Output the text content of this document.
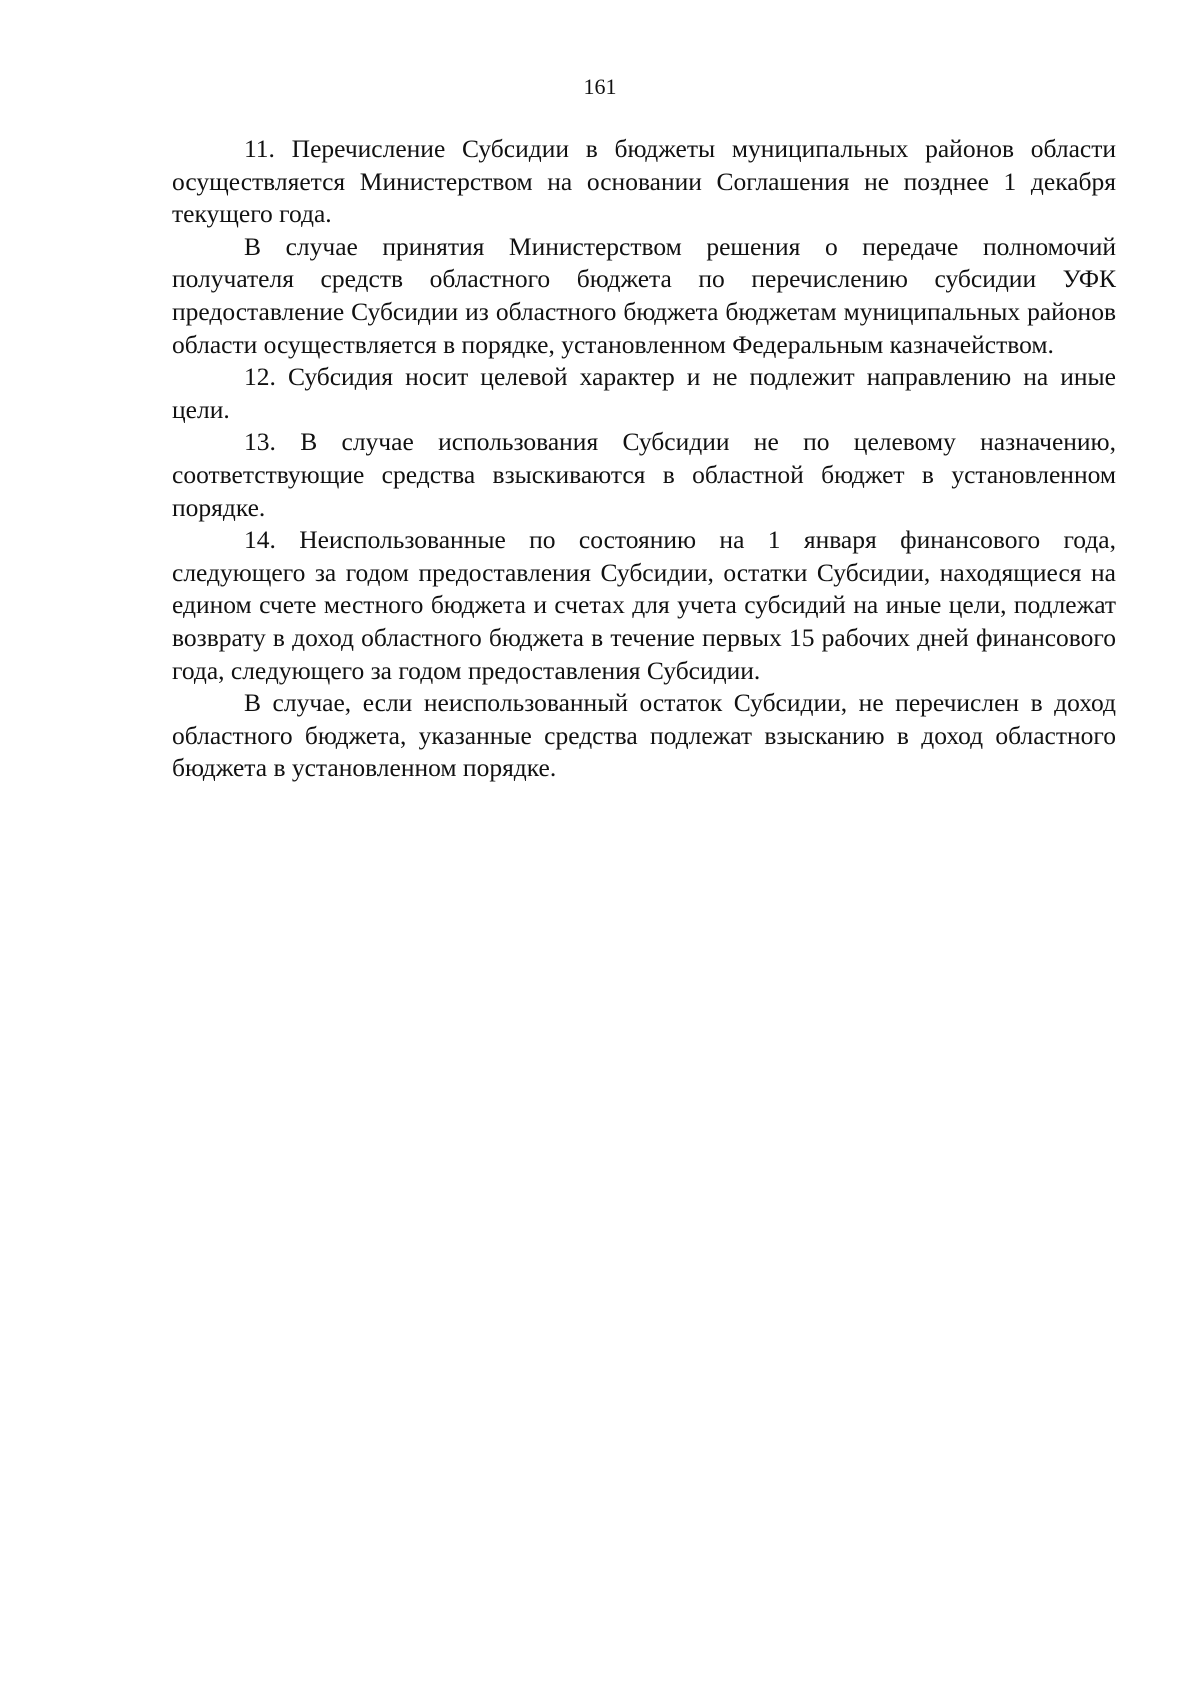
161

11. Перечисление Субсидии в бюджеты муниципальных районов области осуществляется Министерством на основании Соглашения не позднее 1 декабря текущего года.

В случае принятия Министерством решения о передаче полномочий получателя средств областного бюджета по перечислению субсидии УФК предоставление Субсидии из областного бюджета бюджетам муниципальных районов области осуществляется в порядке, установленном Федеральным казначейством.

12. Субсидия носит целевой характер и не подлежит направлению на иные цели.

13. В случае использования Субсидии не по целевому назначению, соответствующие средства взыскиваются в областной бюджет в установленном порядке.

14. Неиспользованные по состоянию на 1 января финансового года, следующего за годом предоставления Субсидии, остатки Субсидии, находящиеся на едином счете местного бюджета и счетах для учета субсидий на иные цели, подлежат возврату в доход областного бюджета в течение первых 15 рабочих дней финансового года, следующего за годом предоставления Субсидии.

В случае, если неиспользованный остаток Субсидии, не перечислен в доход областного бюджета, указанные средства подлежат взысканию в доход областного бюджета в установленном порядке.
